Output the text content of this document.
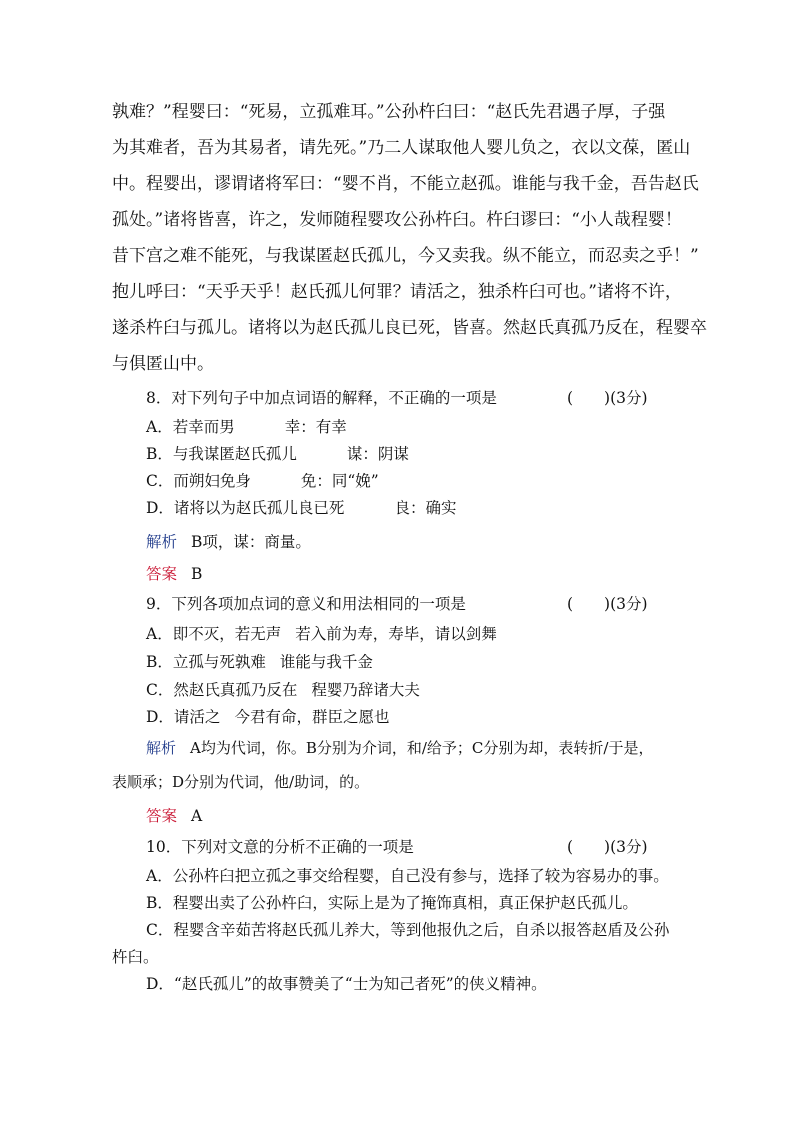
孰难？”程婴曰：“死易，立孤难耳。”公孙杵臼曰：“赵氏先君遇子厚，子强
为其难者，吾为其易者，请先死。”乃二人谋取他人婴儿负之，衣以文葆，匿山
中。程婴出，谬谓诸将军曰：“婴不肖，不能立赵孤。谁能与我千金，吾告赵氏
孤处。”诸将皆喜，许之，发师随程婴攻公孙杵臼。杵臼谬曰：“小人哉程婴！
昔下宫之难不能死，与我谋匿赵氏孤儿，今又卖我。纵不能立，而忍卖之乎！”
抱儿呼曰：“天乎天乎！赵氏孤儿何罪？请活之，独杀杵臼可也。”诸将不许，
遂杀杵臼与孤儿。诸将以为赵氏孤儿良已死，皆喜。然赵氏真孤乃反在，程婴卒
与俱匿山中。
8．对下列句子中加点词语的解释，不正确的一项是	(　　)(3分)
A．若幸而男	幸：有幸
B．与我谋匿赵氏孤儿	谋：阴谋
C．而朔妇免身	免：同“娩”
D．诸将以为赵氏孤儿良已死	良：确实
解析 B项，谋：商量。
答案 B
9．下列各项加点词的意义和用法相同的一项是	(　　)(3分)
A．即不灭，若无声 若入前为寿，寿毕，请以剑舞
B．立孤与死孰难 谁能与我千金
C．然赵氏真孤乃反在 程婴乃辞诸大夫
D．请活之 今君有命，群臣之愿也
解析 A均为代词，你。B分别为介词，和/给予；C分别为却，表转折/于是，
表顺承；D分别为代词，他/助词，的。
答案 A
10．下列对文意的分析不正确的一项是	(　　)(3分)
A．公孙杵臼把立孤之事交给程婴，自己没有参与，选择了较为容易办的事。
B．程婴出卖了公孙杵臼，实际上是为了掩饰真相，真正保护赵氏孤儿。
C．程婴含辛茹苦将赵氏孤儿养大，等到他报仇之后，自杀以报答赵盾及公孙
杵臼。
D．“赵氏孤儿”的故事赞美了“士为知己者死”的侠义精神。
